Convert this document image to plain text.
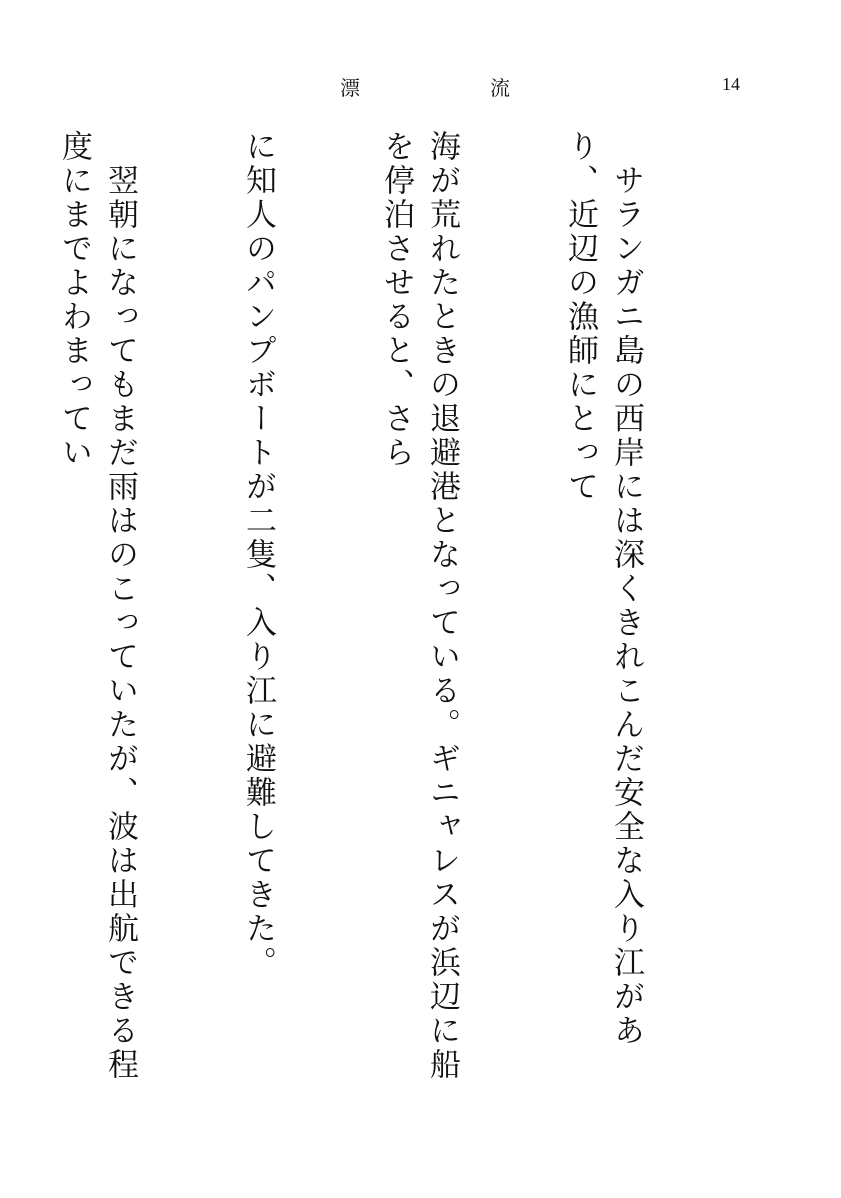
漂	流	14

　サランガニ島の西岸には深くきれこんだ安全な入り江があり、近辺の漁師にとって

海が荒れたときの退避港となっている。ギニャレスが浜辺に船を停泊させると、さら

に知人のパンプボートが二隻、入り江に避難してきた。

　翌朝になってもまだ雨はのこっていたが、波は出航できる程度にまでよわまってい
